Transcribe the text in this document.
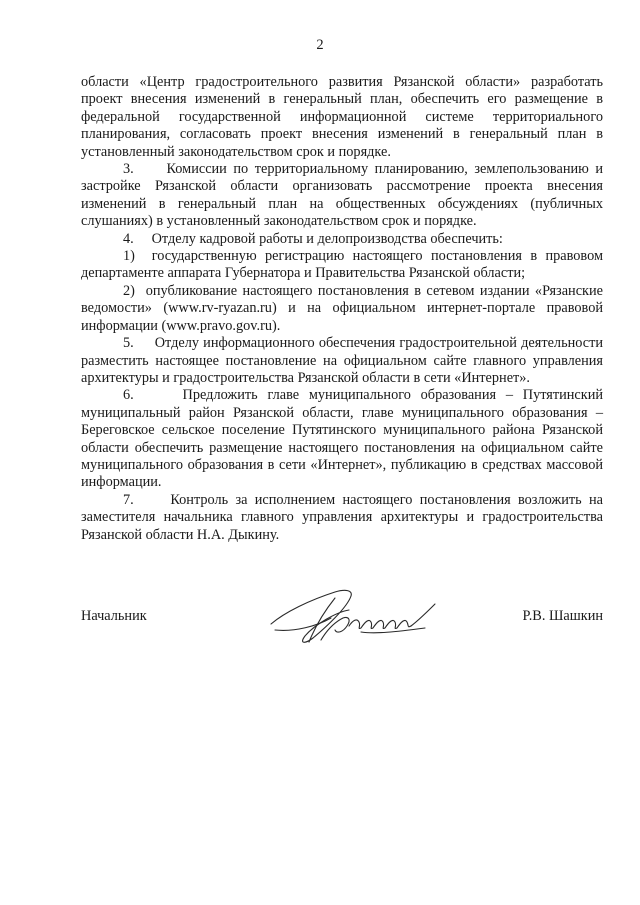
2

области «Центр градостроительного развития Рязанской области» разработать проект внесения изменений в генеральный план, обеспечить его размещение в федеральной государственной информационной системе территориального планирования, согласовать проект внесения изменений в генеральный план в установленный законодательством срок и порядке.

3.     Комиссии по территориальному планированию, землепользованию и застройке Рязанской области организовать рассмотрение проекта внесения изменений в генеральный план на общественных обсуждениях (публичных слушаниях) в установленный законодательством срок и порядке.

4.     Отделу кадровой работы и делопроизводства обеспечить:

1)  государственную регистрацию настоящего постановления в правовом департаменте аппарата Губернатора и Правительства Рязанской области;

2)  опубликование настоящего постановления в сетевом издании «Рязанские ведомости» (www.rv-ryazan.ru) и на официальном интернет-портале правовой информации (www.pravo.gov.ru).

5.     Отделу информационного обеспечения градостроительной деятельности разместить настоящее постановление на официальном сайте главного управления архитектуры и градостроительства Рязанской области в сети «Интернет».

6.     Предложить главе муниципального образования – Путятинский муниципальный район Рязанской области, главе муниципального образования – Береговское сельское поселение Путятинского муниципального района Рязанской области обеспечить размещение настоящего постановления на официальном сайте муниципального образования в сети «Интернет», публикацию в средствах массовой информации.

7.     Контроль за исполнением настоящего постановления возложить на заместителя начальника главного управления архитектуры и градостроительства Рязанской области Н.А. Дыкину.

Начальник	Р.В. Шашкин
